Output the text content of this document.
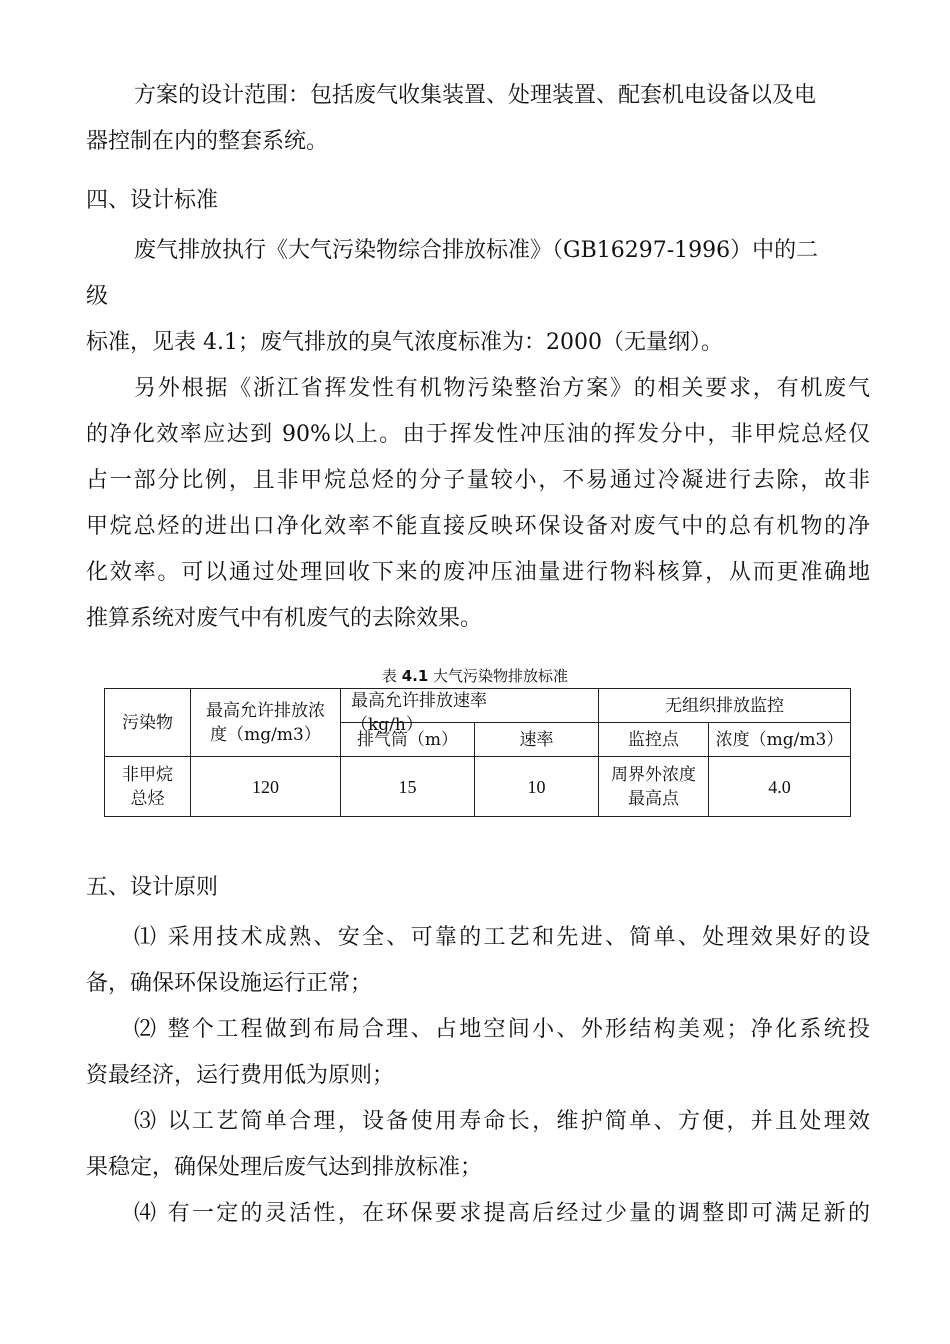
方案的设计范围：包括废气收集装置、处理装置、配套机电设备以及电
器控制在内的整套系统。
四、设计标准
废气排放执行《大气污染物综合排放标准》（GB16297-1996）中的二
级
标准，见表 4.1；废气排放的臭气浓度标准为：2000（无量纲）。
另外根据《浙江省挥发性有机物污染整治方案》的相关要求，有机废气
的净化效率应达到 90%以上。由于挥发性冲压油的挥发分中，非甲烷总烃仅
占一部分比例，且非甲烷总烃的分子量较小，不易通过冷凝进行去除，故非
甲烷总烃的进出口净化效率不能直接反映环保设备对废气中的总有机物的净
化效率。可以通过处理回收下来的废冲压油量进行物料核算，从而更准确地
推算系统对废气中有机废气的去除效果。
表 4.1 大气污染物排放标准
污染物	最高允许排放浓度（mg/m3）	最高允许排放速率（kg/h）		无组织排放监控	
		排气筒（m）	速率	监控点	浓度（mg/m3）
非甲烷总烃	120	15	10	周界外浓度最高点	4.0
五、设计原则
⑴ 采用技术成熟、安全、可靠的工艺和先进、简单、处理效果好的设
备，确保环保设施运行正常；
⑵ 整个工程做到布局合理、占地空间小、外形结构美观；净化系统投
资最经济，运行费用低为原则；
⑶ 以工艺简单合理，设备使用寿命长，维护简单、方便，并且处理效
果稳定，确保处理后废气达到排放标准；
⑷ 有一定的灵活性，在环保要求提高后经过少量的调整即可满足新的
